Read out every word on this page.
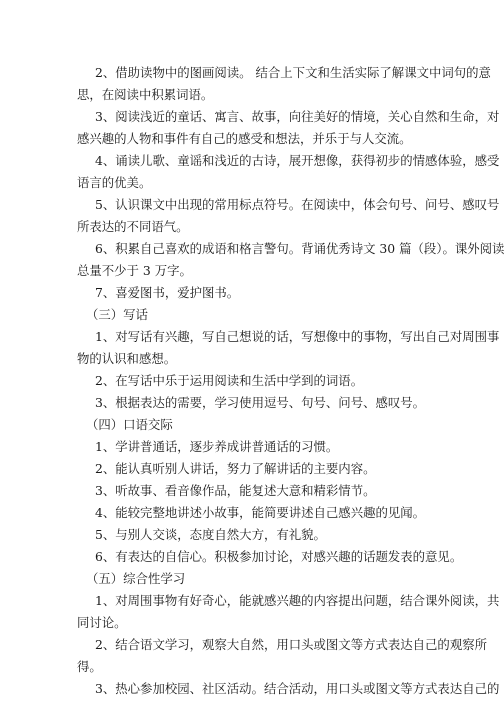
2、借助读物中的图画阅读。 结合上下文和生活实际了解课文中词句的意
思，在阅读中积累词语。
3、阅读浅近的童话、寓言、故事，向往美好的情境，关心自然和生命，对
感兴趣的人物和事件有自己的感受和想法，并乐于与人交流。
4、诵读儿歌、童谣和浅近的古诗，展开想像，获得初步的情感体验，感受
语言的优美。
5、认识课文中出现的常用标点符号。在阅读中，体会句号、问号、感叹号
所表达的不同语气。
6、积累自己喜欢的成语和格言警句。背诵优秀诗文 30 篇（段）。课外阅读
总量不少于 3 万字。
7、喜爱图书，爱护图书。
（三）写话
1、对写话有兴趣，写自己想说的话，写想像中的事物，写出自己对周围事
物的认识和感想。
2、在写话中乐于运用阅读和生活中学到的词语。
3、根据表达的需要，学习使用逗号、句号、问号、感叹号。
（四）口语交际
1、学讲普通话，逐步养成讲普通话的习惯。
2、能认真听别人讲话，努力了解讲话的主要内容。
3、听故事、看音像作品，能复述大意和精彩情节。
4、能较完整地讲述小故事，能简要讲述自己感兴趣的见闻。
5、与别人交谈，态度自然大方，有礼貌。
6、有表达的自信心。积极参加讨论，对感兴趣的话题发表的意见。
（五）综合性学习
1、对周围事物有好奇心，能就感兴趣的内容提出问题，结合课外阅读，共
同讨论。
2、结合语文学习，观察大自然，用口头或图文等方式表达自己的观察所
得。
3、热心参加校园、社区活动。结合活动，用口头或图文等方式表达自己的
